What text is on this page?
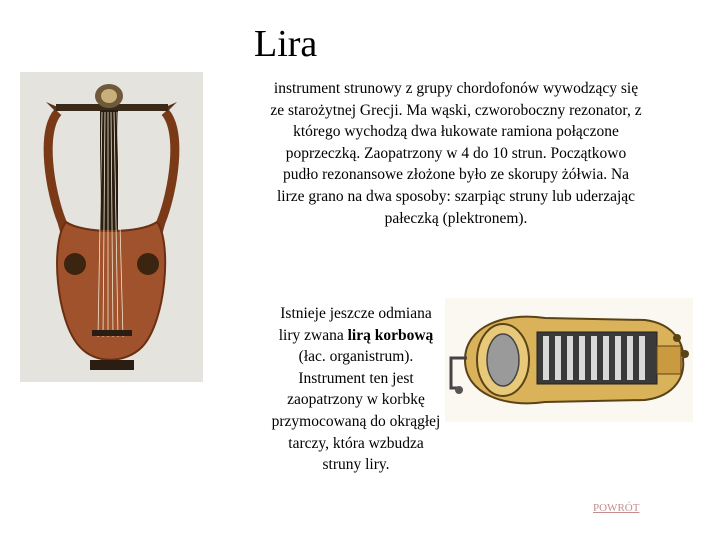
Lira
instrument strunowy z grupy chordofonów wywodzący się ze starożytnej Grecji. Ma wąski, czworoboczny rezonator, z którego wychodzą dwa łukowate ramiona połączone poprzeczką. Zaopatrzony w 4 do 10 strun. Początkowo pudło rezonansowe złożone było ze skorupy żółwia. Na lirze grano na dwa sposoby: szarpiąc struny lub uderzając pałeczką (plektronem).
Istnieje jeszcze odmiana
liry zwana lirą korbową
(łac. organistrum).
Instrument ten jest
zaopatrzony w korbkę
przymocowaną do okrągłej
tarczy, która wzbudza
struny liry.
POWRÓT
